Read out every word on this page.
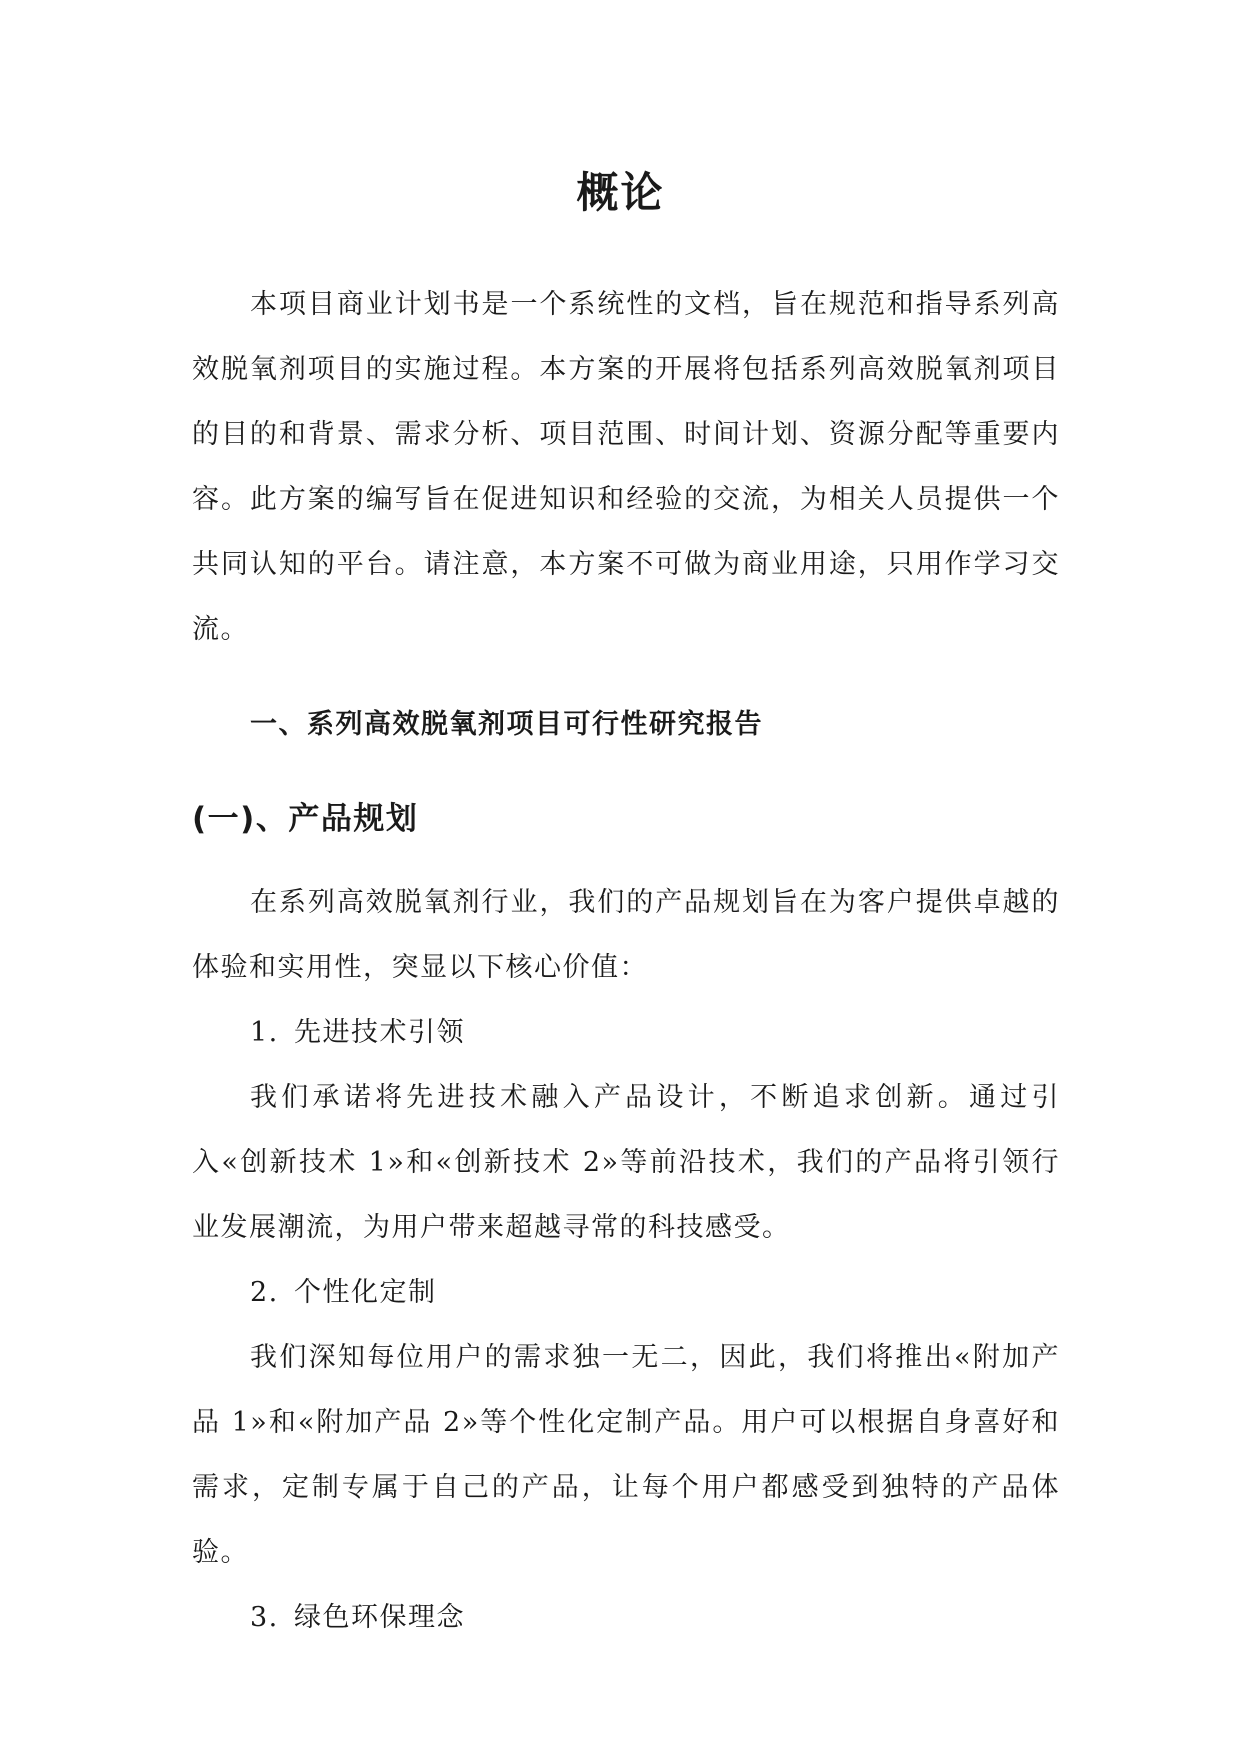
概论

本项目商业计划书是一个系统性的文档，旨在规范和指导系列高效脱氧剂项目的实施过程。本方案的开展将包括系列高效脱氧剂项目的目的和背景、需求分析、项目范围、时间计划、资源分配等重要内容。此方案的编写旨在促进知识和经验的交流，为相关人员提供一个共同认知的平台。请注意，本方案不可做为商业用途，只用作学习交流。

一、系列高效脱氧剂项目可行性研究报告
(一)、产品规划

在系列高效脱氧剂行业，我们的产品规划旨在为客户提供卓越的体验和实用性，突显以下核心价值：

1. 先进技术引领

我们承诺将先进技术融入产品设计，不断追求创新。通过引入«创新技术 1»和«创新技术 2»等前沿技术，我们的产品将引领行业发展潮流，为用户带来超越寻常的科技感受。

2. 个性化定制

我们深知每位用户的需求独一无二，因此，我们将推出«附加产品 1»和«附加产品 2»等个性化定制产品。用户可以根据自身喜好和需求，定制专属于自己的产品，让每个用户都感受到独特的产品体验。

3. 绿色环保理念
